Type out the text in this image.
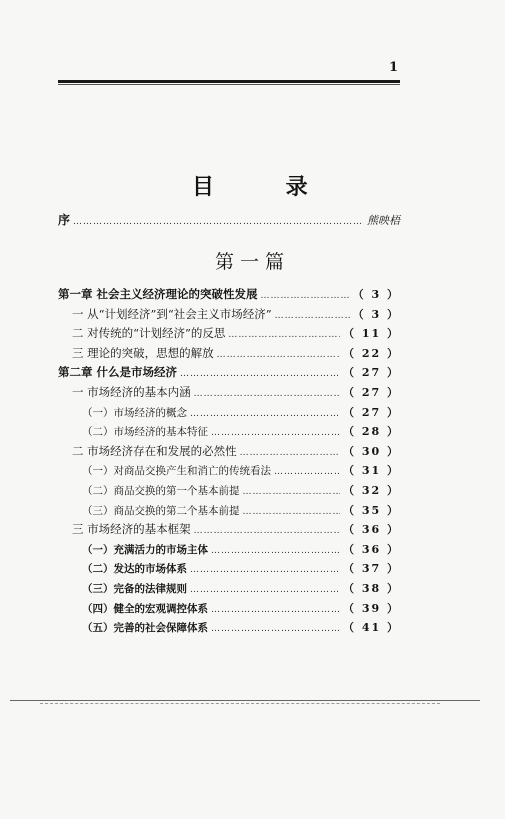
1
目 录
序 ………………………………………………………………………………………………………………	熊映梧
第一篇
第一章 社会主义经济理论的突破性发展 ………………………………………………………………………………………………………………	（ 3 ）
一 从“计划经济”到“社会主义市场经济” ………………………………………………………………………………………………………………	（ 3 ）
二 对传统的“计划经济”的反思 ………………………………………………………………………………………………………………	（ 11 ）
三 理论的突破，思想的解放 ………………………………………………………………………………………………………………	（ 22 ）
第二章 什么是市场经济 ………………………………………………………………………………………………………………	（ 27 ）
一 市场经济的基本内涵 ………………………………………………………………………………………………………………	（ 27 ）
（一）市场经济的概念 ………………………………………………………………………………………………………………	（ 27 ）
（二）市场经济的基本特征 ………………………………………………………………………………………………………………	（ 28 ）
二 市场经济存在和发展的必然性 ………………………………………………………………………………………………………………	（ 30 ）
（一）对商品交换产生和消亡的传统看法 ………………………………………………………………………………………………………………	（ 31 ）
（二）商品交换的第一个基本前提 ………………………………………………………………………………………………………………	（ 32 ）
（三）商品交换的第二个基本前提 ………………………………………………………………………………………………………………	（ 35 ）
三 市场经济的基本框架 ………………………………………………………………………………………………………………	（ 36 ）
（一）充满活力的市场主体 ………………………………………………………………………………………………………………	（ 36 ）
（二）发达的市场体系 ………………………………………………………………………………………………………………	（ 37 ）
（三）完备的法律规则 ………………………………………………………………………………………………………………	（ 38 ）
（四）健全的宏观调控体系 ………………………………………………………………………………………………………………	（ 39 ）
（五）完善的社会保障体系 ………………………………………………………………………………………………………………	（ 41 ）
